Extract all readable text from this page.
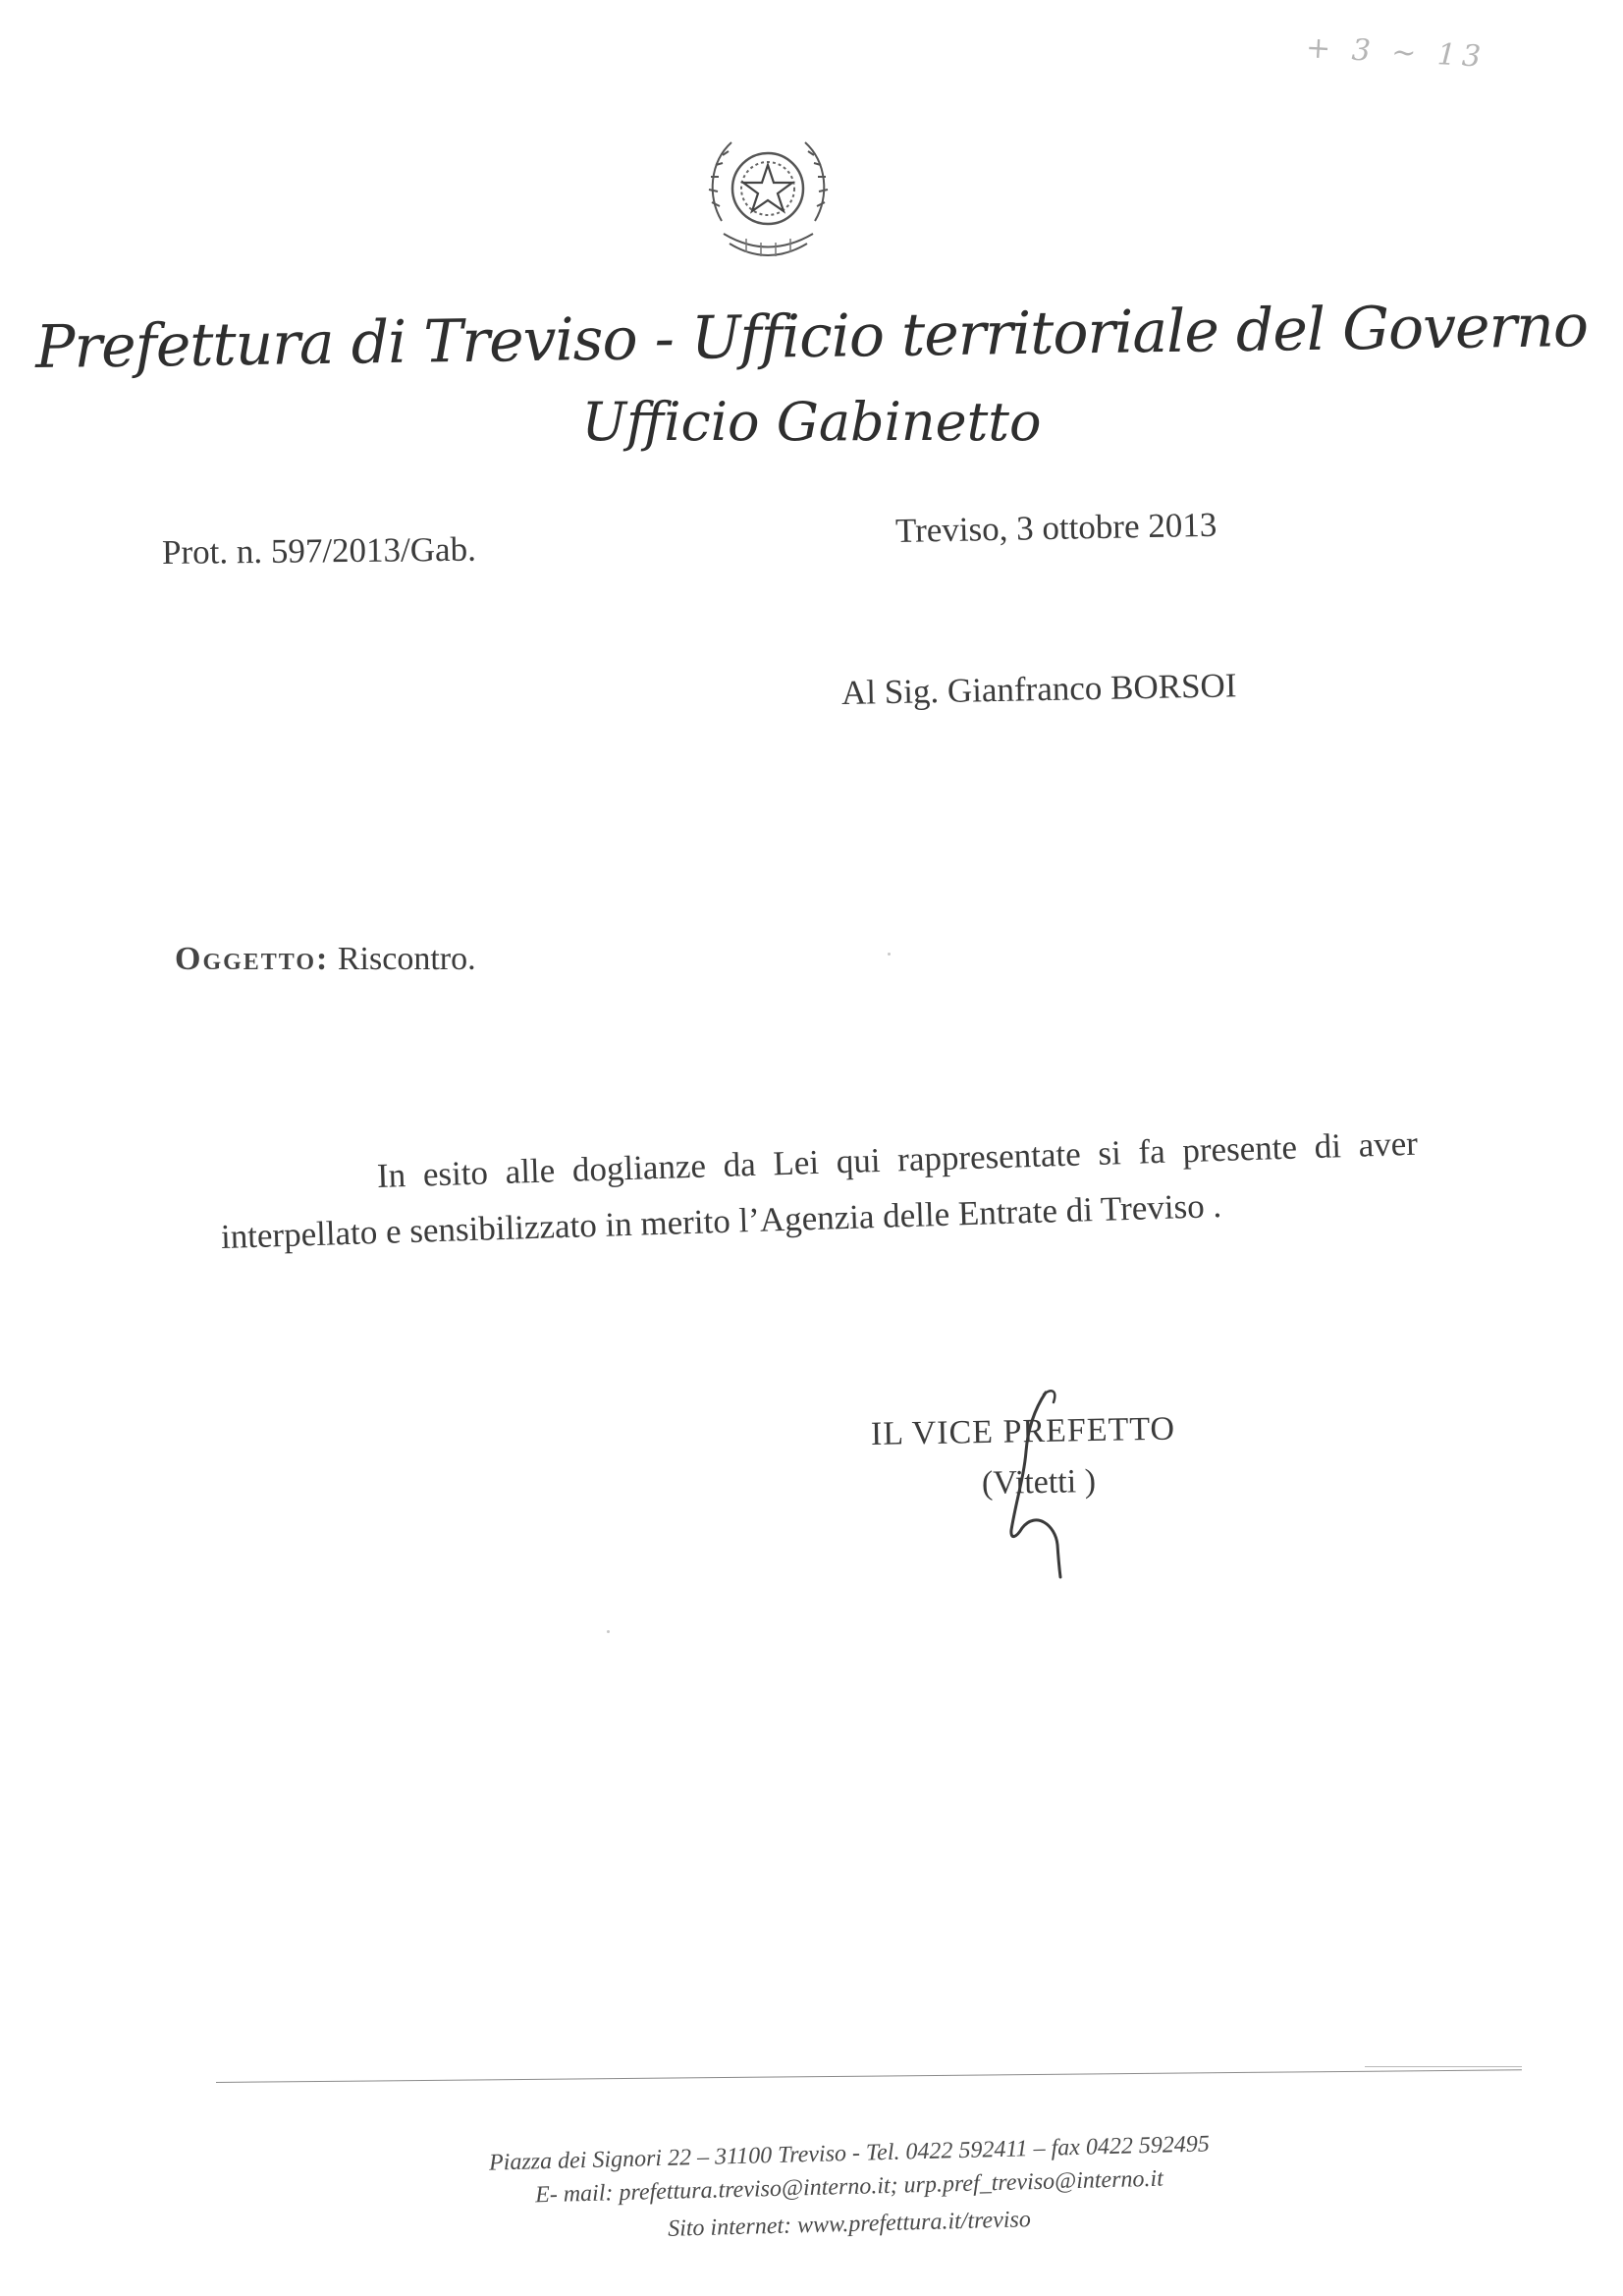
+ 3 ~ 13
Prefettura di Treviso - Ufficio territoriale del Governo
Ufficio Gabinetto
Prot. n. 597/2013/Gab.
Treviso, 3 ottobre 2013
Al Sig. Gianfranco BORSOI
Oggetto: Riscontro.
In esito alle doglianze da Lei qui rappresentate si fa presente di aver
interpellato e sensibilizzato in merito l’Agenzia delle Entrate di Treviso .
IL VICE PREFETTO
(Vitetti )
Piazza dei Signori 22 – 31100 Treviso - Tel. 0422 592411 – fax 0422 592495
E- mail: prefettura.treviso@interno.it; urp.pref_treviso@interno.it
Sito internet: www.prefettura.it/treviso
